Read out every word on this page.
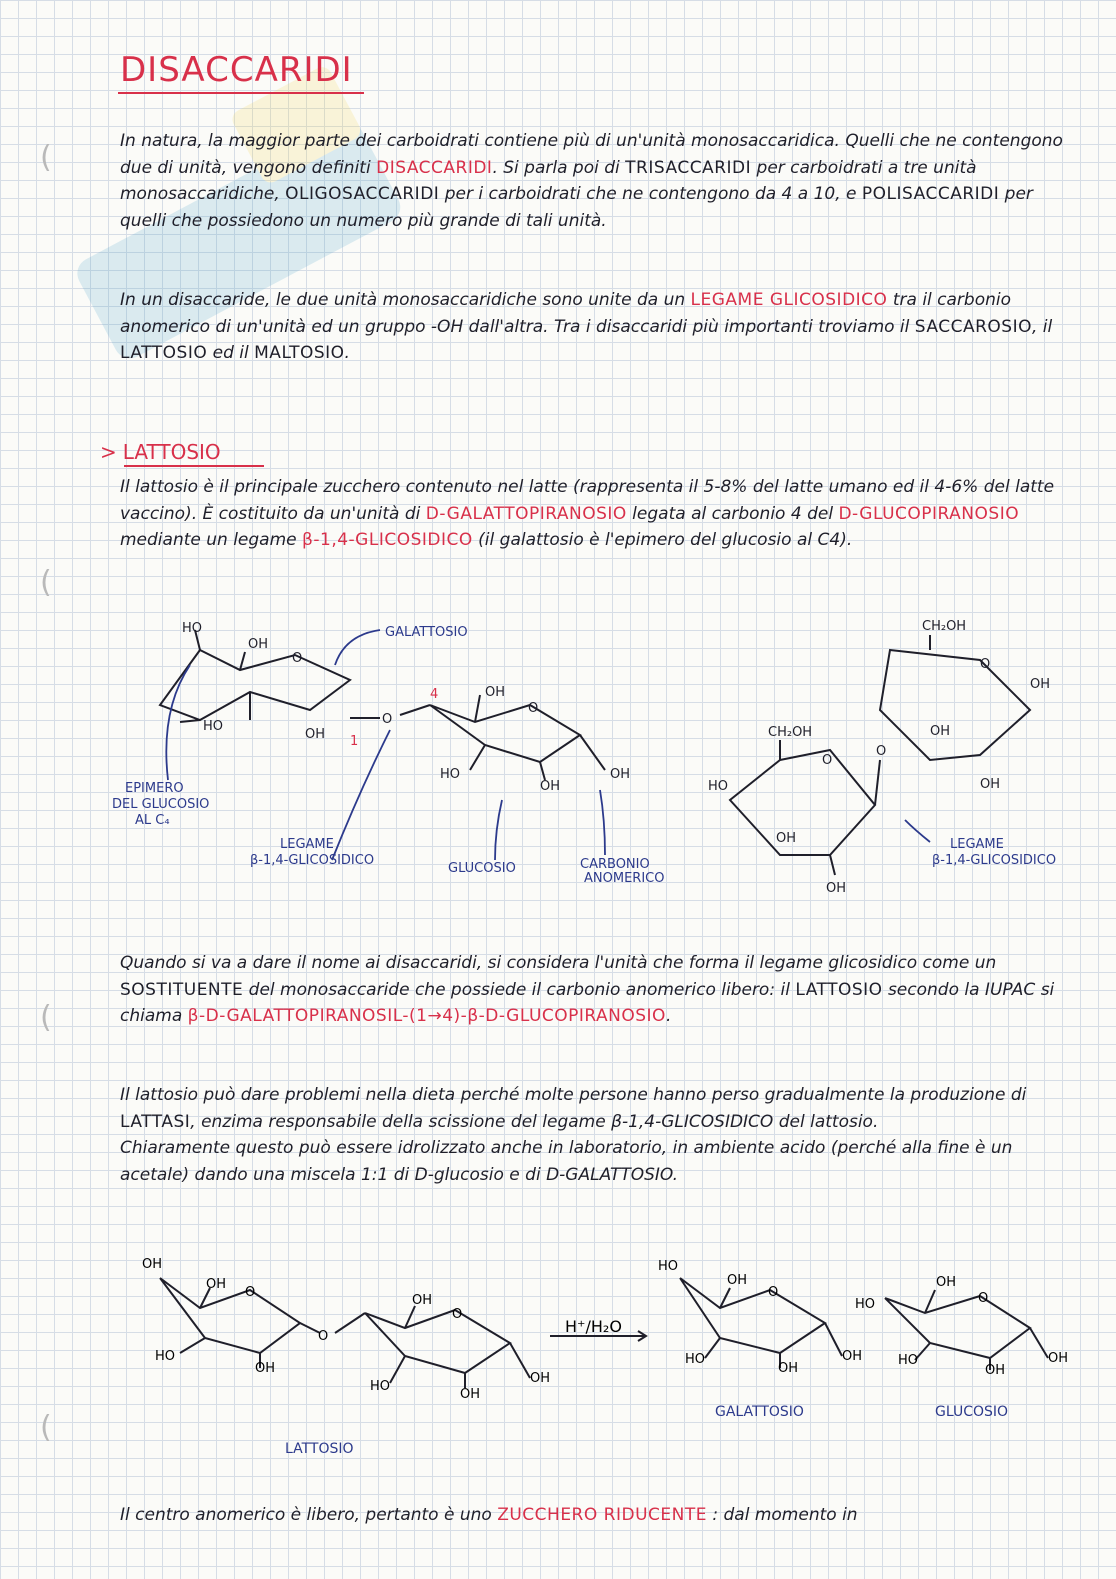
(
(
(
(
DISACCARIDI
In natura, la maggior parte dei carboidrati contiene più di un'unità monosaccaridica. Quelli che ne contengono due di unità, vengono definiti DISACCARIDI. Si parla poi di TRISACCARIDI per carboidrati a tre unità monosaccaridiche, OLIGOSACCARIDI per i carboidrati che ne contengono da 4 a 10, e POLISACCARIDI per quelli che possiedono un numero più grande di tali unità.
In un disaccaride, le due unità monosaccaridiche sono unite da un LEGAME GLICOSIDICO tra il carbonio anomerico di un'unità ed un gruppo -OH dall'altra. Tra i disaccaridi più importanti troviamo il SACCAROSIO, il LATTOSIO ed il MALTOSIO.
> LATTOSIO
Il lattosio è il principale zucchero contenuto nel latte (rappresenta il 5-8% del latte umano ed il 4-6% del latte vaccino). È costituito da un'unità di D-GALATTOPIRANOSIO legata al carbonio 4 del D-GLUCOPIRANOSIO mediante un legame β-1,4-GLICOSIDICO (il galattosio è l'epimero del glucosio al C4).
HO
OH
O
HO
OH
O
OH
O
HO
OH
OH
4
1
CH₂OH
O
OH
OH
OH
O
CH₂OH
O
HO
OH
OH
GALATTOSIO
EPIMERO
DEL GLUCOSIO
AL C₄
LEGAME
β-1,4-GLICOSIDICO
GLUCOSIO	CARBONIO
ANOMERICO
LEGAME
β-1,4-GLICOSIDICO
Quando si va a dare il nome ai disaccaridi, si considera l'unità che forma il legame glicosidico come un SOSTITUENTE del monosaccaride che possiede il carbonio anomerico libero: il LATTOSIO secondo la IUPAC si chiama β-D-GALATTOPIRANOSIL-(1→4)-β-D-GLUCOPIRANOSIO.
Il lattosio può dare problemi nella dieta perché molte persone hanno perso gradualmente la produzione di LATTASI, enzima responsabile della scissione del legame β-1,4-GLICOSIDICO del lattosio.
Chiaramente questo può essere idrolizzato anche in laboratorio, in ambiente acido (perché alla fine è un acetale) dando una miscela 1:1 di D-glucosio e di D-GALATTOSIO.
OH
OH
O
HO
OH
O
OH
O
HO
OH
OH
H⁺/H₂O
HO
OH
O
HO
OH
OH
HO
OH
O
HO
OH
OH
LATTOSIO
GALATTOSIO	GLUCOSIO
Il centro anomerico è libero, pertanto è uno ZUCCHERO RIDUCENTE : dal momento in
